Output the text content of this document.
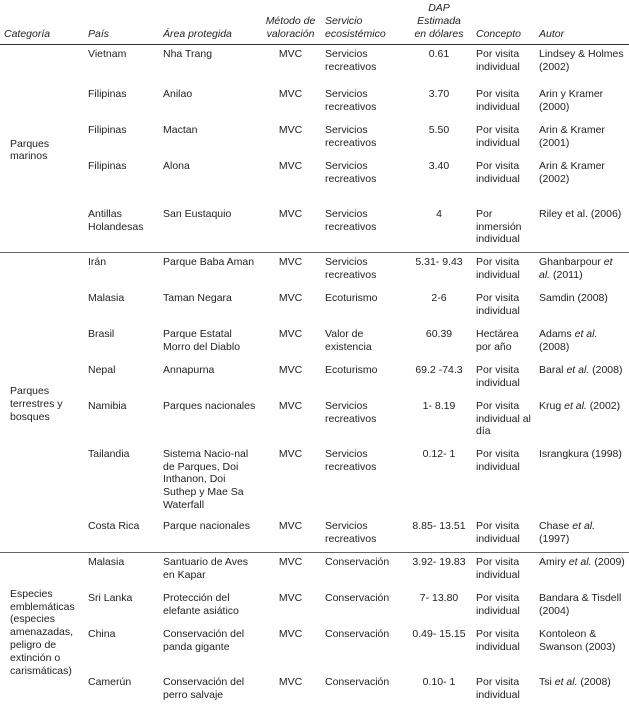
Categoría	País	Área protegida	Método de valoración	Servicio ecosistémico	DAP Estimada en dólares	Concepto	Autor
Parques marinos	Vietnam	Nha Trang	MVC	Servicios recreativos	0.61	Por visita individual	Lindsey & Holmes (2002)
	Filipinas	Anilao	MVC	Servicios recreativos	3.70	Por visita individual	Arin y Kramer (2000)
	Filipinas	Mactan	MVC	Servicios recreativos	5.50	Por visita individual	Arin & Kramer (2001)
	Filipinas	Alona	MVC	Servicios recreativos	3.40	Por visita individual	Arin & Kramer (2002)
	Antillas Holandesas	San Eustaquio	MVC	Servicios recreativos	4	Por inmersión individual	Riley et al. (2006)
Parques terrestres y bosques	Irán	Parque Baba Aman	MVC	Servicios recreativos	5.31- 9.43	Por visita individual	Ghanbarpour et al. (2011)
	Malasia	Taman Negara	MVC	Ecoturismo	2-6	Por visita individual	Samdin (2008)
	Brasil	Parque Estatal Morro del Diablo	MVC	Valor de existencia	60.39	Hectárea por año	Adams et al. (2008)
	Nepal	Annapurna	MVC	Ecoturismo	69.2 -74.3	Por visita individual	Baral et al. (2008)
	Namibia	Parques nacionales	MVC	Servicios recreativos	1- 8.19	Por visita individual al día	Krug et al. (2002)
	Tailandia	Sistema Nacio-nal de Parques, Doi Inthanon, Doi Suthep y Mae Sa Waterfall	MVC	Servicios recreativos	0.12- 1	Por visita individual	Israngkura (1998)
	Costa Rica	Parque nacionales	MVC	Servicios recreativos	8.85- 13.51	Por visita individual	Chase et al. (1997)
Especies emblemáticas (especies amenazadas, peligro de extinción o carismáticas)	Malasia	Santuario de Aves en Kapar	MVC	Conservación	3.92- 19.83	Por visita individual	Amiry et al. (2009)
	Sri Lanka	Protección del elefante asiático	MVC	Conservación	7- 13.80	Por visita individual	Bandara & Tisdell (2004)
	China	Conservación del panda gigante	MVC	Conservación	0.49- 15.15	Por visita individual	Kontoleon & Swanson (2003)
	Camerún	Conservación del perro salvaje	MVC	Conservación	0.10- 1	Por visita individual	Tsi et al. (2008)
